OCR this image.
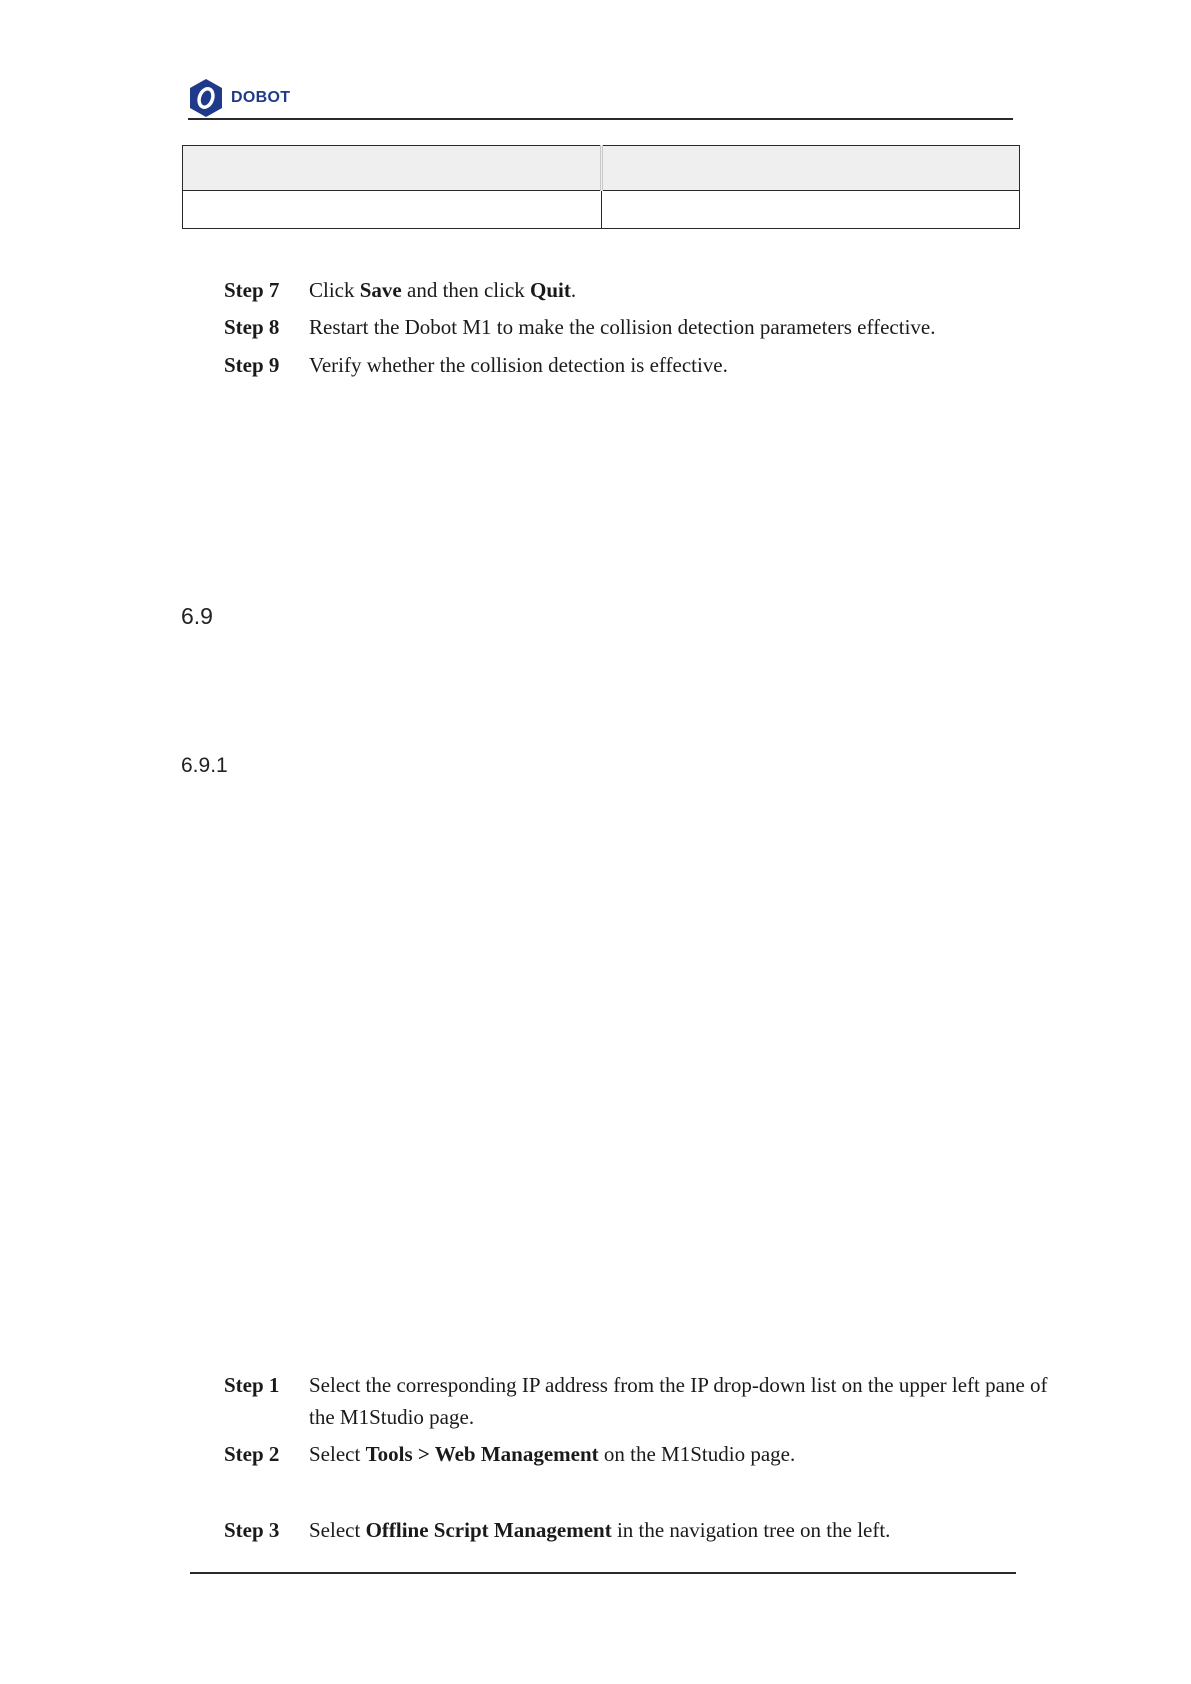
DOBOT

Step 7	Click Save and then click Quit.
Step 8	Restart the Dobot M1 to make the collision detection parameters effective.
Step 9	Verify whether the collision detection is effective.
6.9
6.9.1
Step 1	Select the corresponding IP address from the IP drop-down list on the upper left pane of the M1Studio page.
Step 2	Select Tools > Web Management on the M1Studio page.
Step 3	Select Offline Script Management in the navigation tree on the left.
